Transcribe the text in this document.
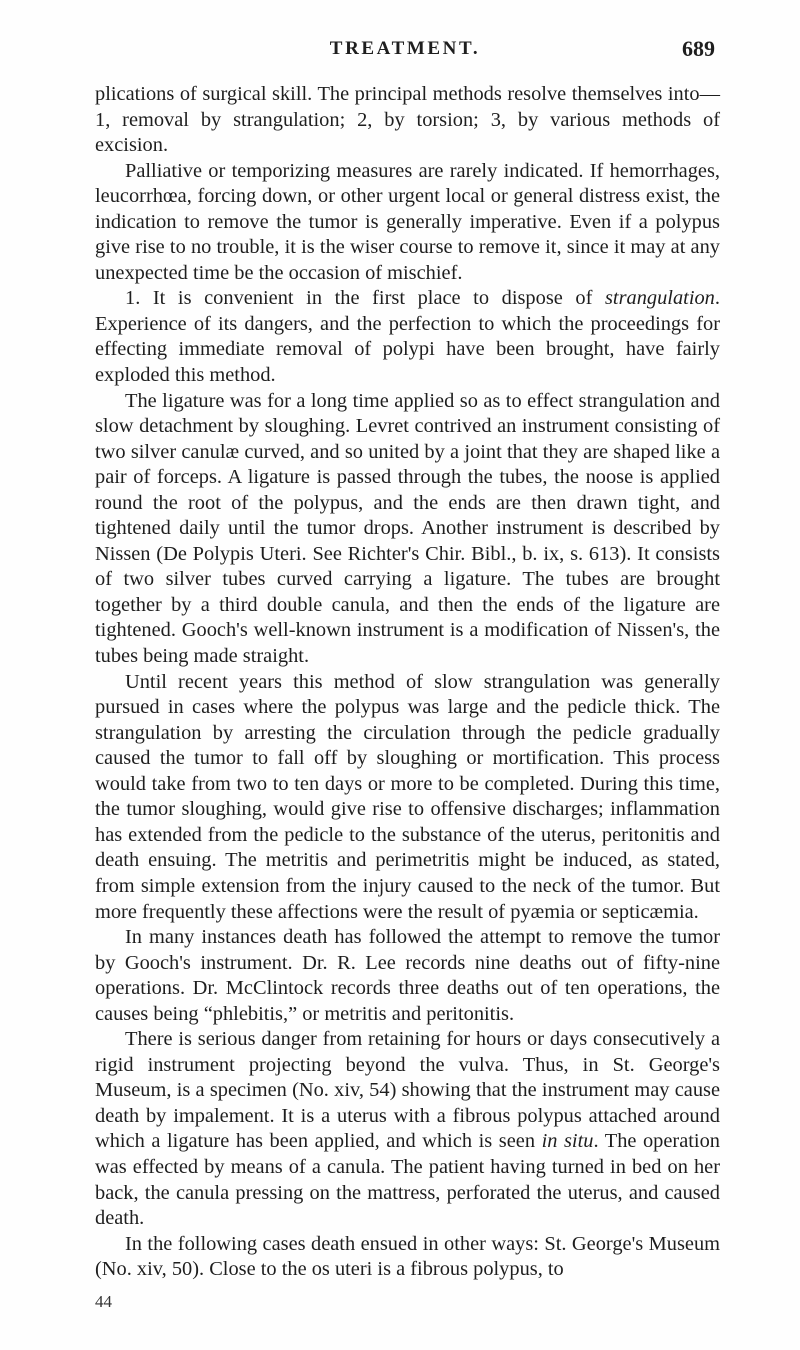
TREATMENT.	689

plications of surgical skill. The principal methods resolve themselves into—1, removal by strangulation; 2, by torsion; 3, by various methods of excision.

Palliative or temporizing measures are rarely indicated. If hemorrhages, leucorrhœa, forcing down, or other urgent local or general distress exist, the indication to remove the tumor is generally imperative. Even if a polypus give rise to no trouble, it is the wiser course to remove it, since it may at any unexpected time be the occasion of mischief.

1. It is convenient in the first place to dispose of strangulation. Experience of its dangers, and the perfection to which the proceedings for effecting immediate removal of polypi have been brought, have fairly exploded this method.

The ligature was for a long time applied so as to effect strangulation and slow detachment by sloughing. Levret contrived an instrument consisting of two silver canulæ curved, and so united by a joint that they are shaped like a pair of forceps. A ligature is passed through the tubes, the noose is applied round the root of the polypus, and the ends are then drawn tight, and tightened daily until the tumor drops. Another instrument is described by Nissen (De Polypis Uteri. See Richter's Chir. Bibl., b. ix, s. 613). It consists of two silver tubes curved carrying a ligature. The tubes are brought together by a third double canula, and then the ends of the ligature are tightened. Gooch's well-known instrument is a modification of Nissen's, the tubes being made straight.

Until recent years this method of slow strangulation was generally pursued in cases where the polypus was large and the pedicle thick. The strangulation by arresting the circulation through the pedicle gradually caused the tumor to fall off by sloughing or mortification. This process would take from two to ten days or more to be completed. During this time, the tumor sloughing, would give rise to offensive discharges; inflammation has extended from the pedicle to the substance of the uterus, peritonitis and death ensuing. The metritis and perimetritis might be induced, as stated, from simple extension from the injury caused to the neck of the tumor. But more frequently these affections were the result of pyæmia or septicæmia.

In many instances death has followed the attempt to remove the tumor by Gooch's instrument. Dr. R. Lee records nine deaths out of fifty-nine operations. Dr. McClintock records three deaths out of ten operations, the causes being “phlebitis,” or metritis and peritonitis.

There is serious danger from retaining for hours or days consecutively a rigid instrument projecting beyond the vulva. Thus, in St. George's Museum, is a specimen (No. xiv, 54) showing that the instrument may cause death by impalement. It is a uterus with a fibrous polypus attached around which a ligature has been applied, and which is seen in situ. The operation was effected by means of a canula. The patient having turned in bed on her back, the canula pressing on the mattress, perforated the uterus, and caused death.

In the following cases death ensued in other ways: St. George's Museum (No. xiv, 50). Close to the os uteri is a fibrous polypus, to

44
